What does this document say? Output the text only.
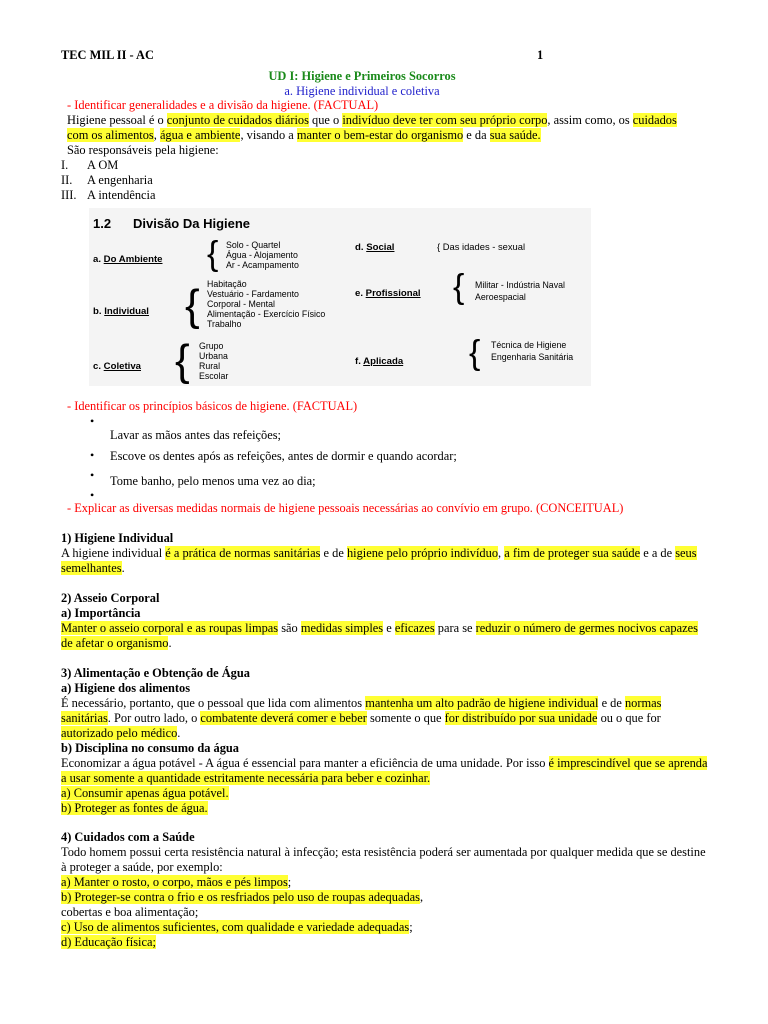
TEC MIL II - AC	1
UD I: Higiene e Primeiros Socorros
a. Higiene individual e coletiva
- Identificar generalidades e a divisão da higiene. (FACTUAL)
Higiene pessoal é o conjunto de cuidados diários que o indivíduo deve ter com seu próprio corpo, assim como, os cuidados
com os alimentos, água e ambiente, visando a manter o bem-estar do organismo e da sua saúde.
São responsáveis pela higiene:
I. A OM
II. A engenharia
III. A intendência
1.2 Divisão Da Higiene
a. Do Ambiente { Solo - Quartel
Água - Alojamento
Ar - Acampamento
b. Individual { Habitação
Vestuário - Fardamento
Corporal - Mental
Alimentação - Exercício Físico
Trabalho
c. Coletiva { Grupo
Urbana
Rural
Escolar
d. Social	{ Das idades - sexual
e. Profissional { Militar - Indústria Naval
Aeroespacial
f. Aplicada { Técnica de Higiene
Engenharia Sanitária
- Identificar os princípios básicos de higiene. (FACTUAL)
•
Lavar as mãos antes das refeições;
• Escove os dentes após as refeições, antes de dormir e quando acordar;
• Tome banho, pelo menos uma vez ao dia;
•
- Explicar as diversas medidas normais de higiene pessoais necessárias ao convívio em grupo. (CONCEITUAL)
1) Higiene Individual
A higiene individual é a prática de normas sanitárias e de higiene pelo próprio indivíduo, a fim de proteger sua saúde e a de seus
semelhantes.
2) Asseio Corporal
a) Importância
Manter o asseio corporal e as roupas limpas são medidas simples e eficazes para se reduzir o número de germes nocivos capazes
de afetar o organismo.
3) Alimentação e Obtenção de Água
a) Higiene dos alimentos
É necessário, portanto, que o pessoal que lida com alimentos mantenha um alto padrão de higiene individual e de normas
sanitárias. Por outro lado, o combatente deverá comer e beber somente o que for distribuído por sua unidade ou o que for
autorizado pelo médico.
b) Disciplina no consumo da água
Economizar a água potável - A água é essencial para manter a eficiência de uma unidade. Por isso é imprescindível que se aprenda
a usar somente a quantidade estritamente necessária para beber e cozinhar.
a) Consumir apenas água potável.
b) Proteger as fontes de água.
4) Cuidados com a Saúde
Todo homem possui certa resistência natural à infecção; esta resistência poderá ser aumentada por qualquer medida que se destine
à proteger a saúde, por exemplo:
a) Manter o rosto, o corpo, mãos e pés limpos;
b) Proteger-se contra o frio e os resfriados pelo uso de roupas adequadas,
cobertas e boa alimentação;
c) Uso de alimentos suficientes, com qualidade e variedade adequadas;
d) Educação física;
